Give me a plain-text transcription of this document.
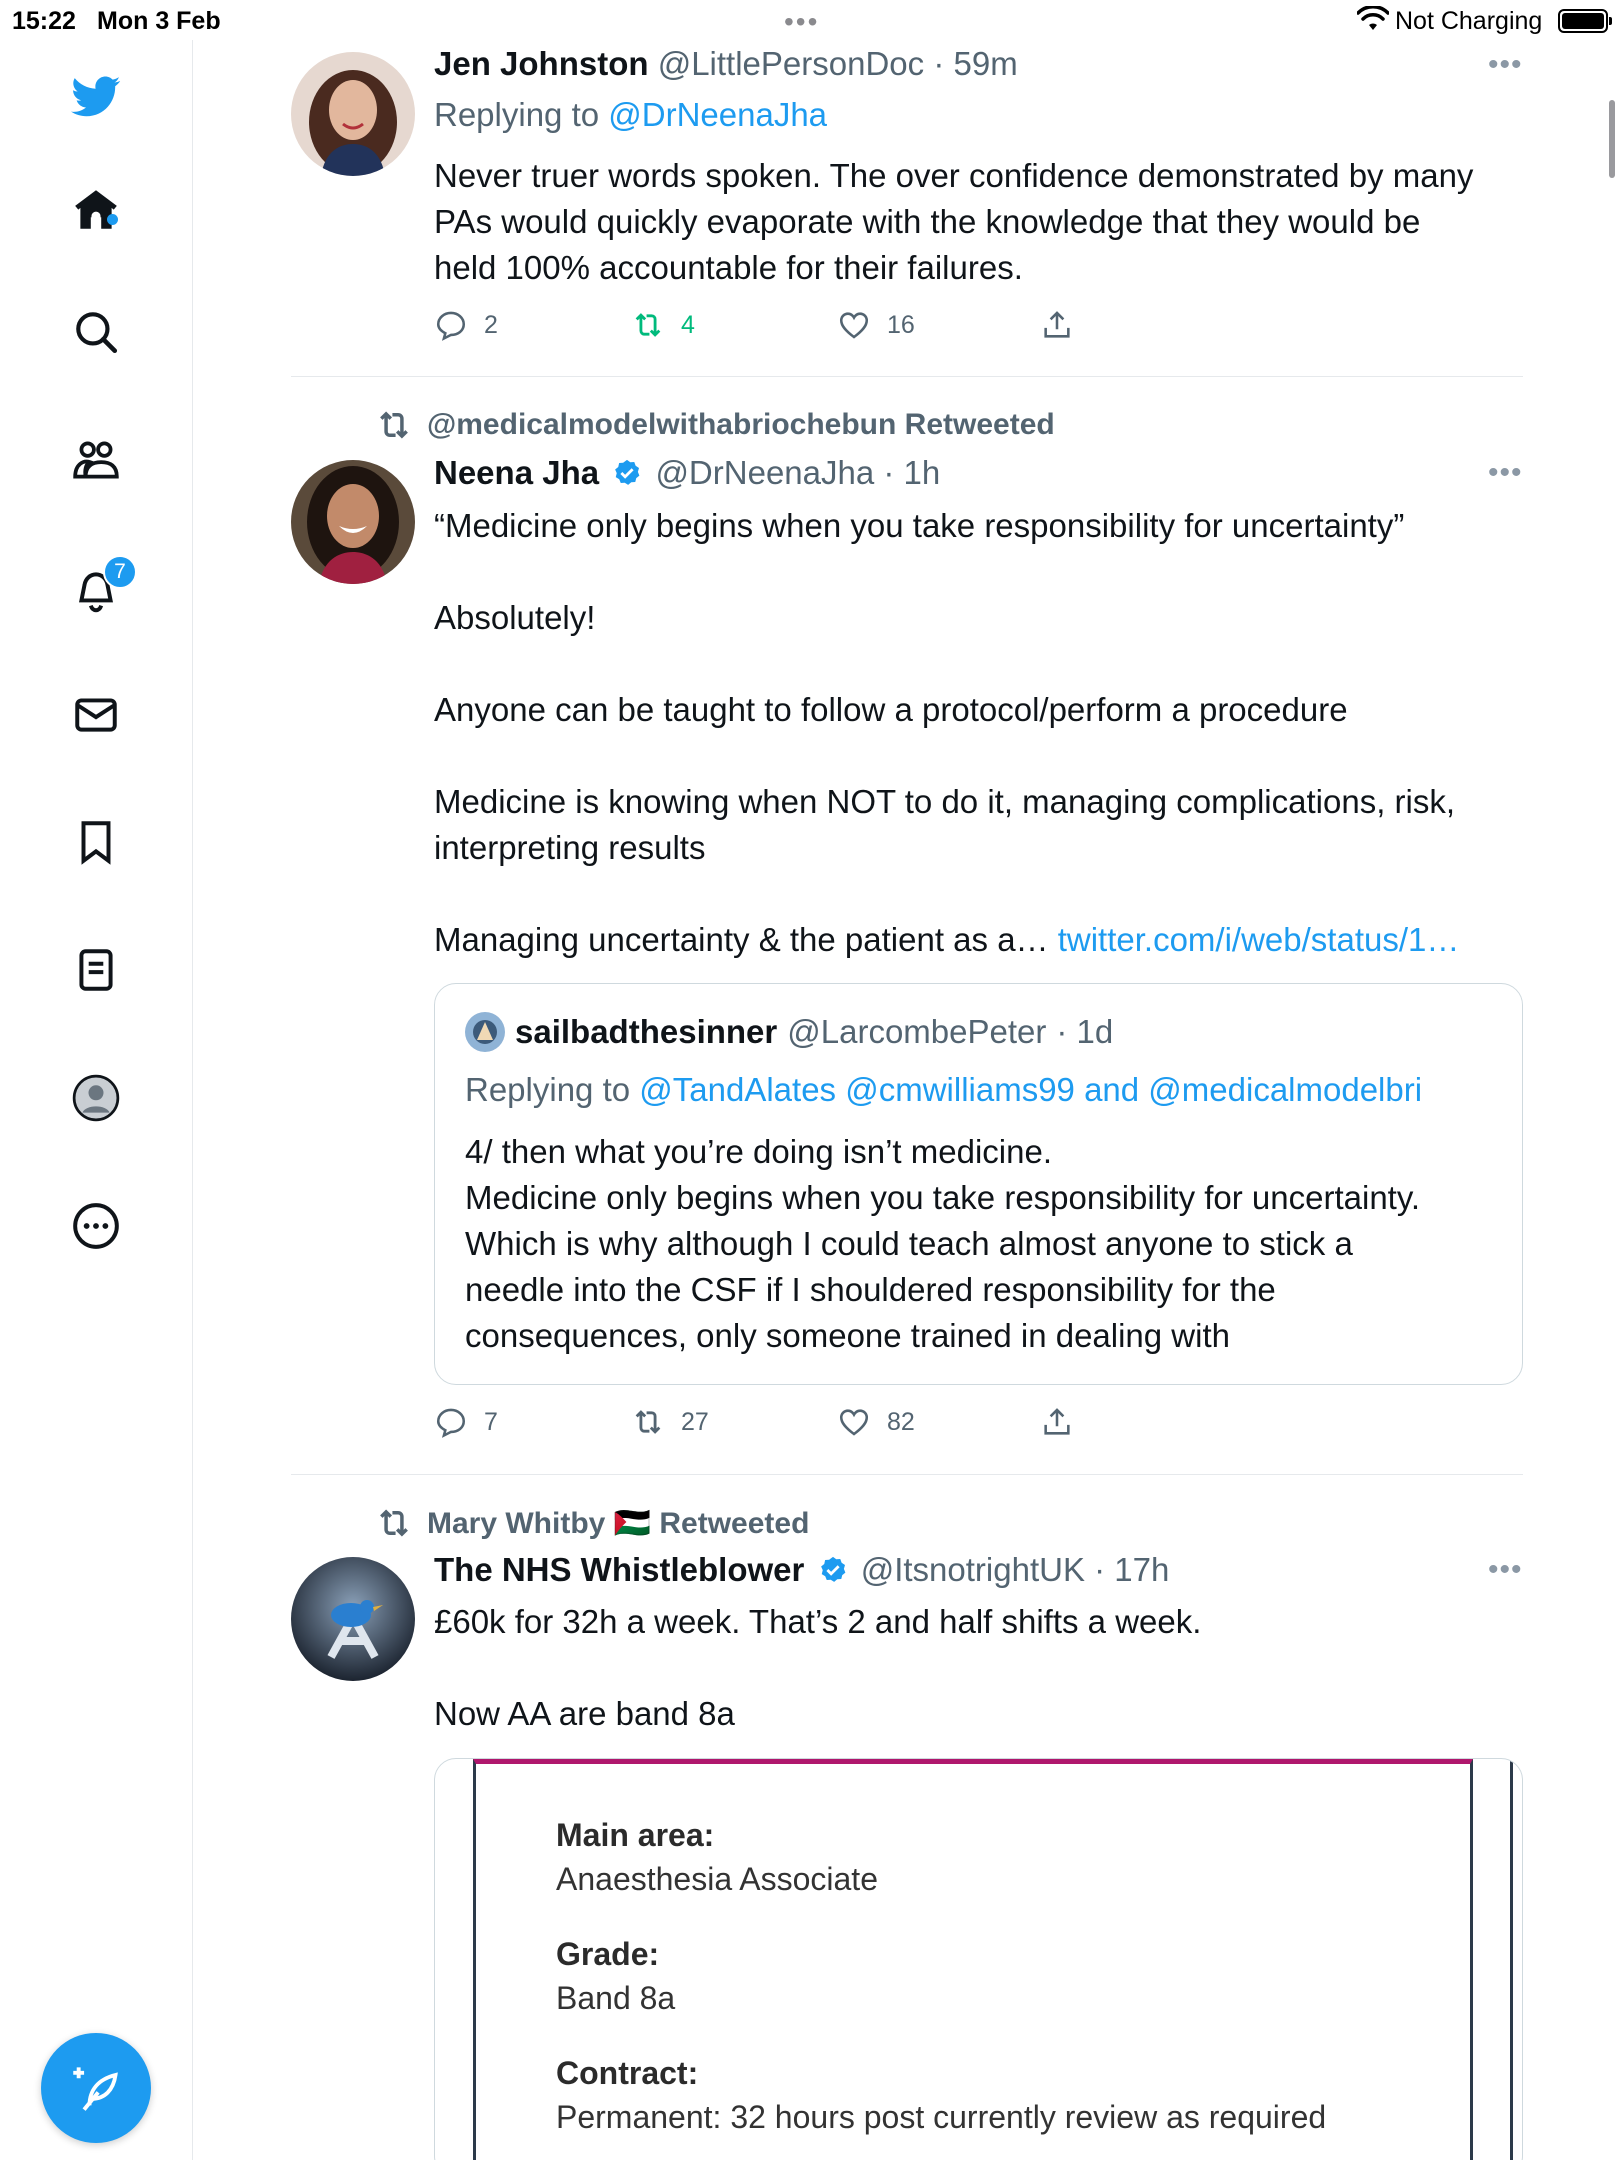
15:22 Mon 3 Feb	•••	Not Charging
7
Jen Johnston @LittlePersonDoc · 59m	•••
Replying to @DrNeenaJha
Never truer words spoken. The over confidence demonstrated by many
PAs would quickly evaporate with the knowledge that they would be
held 100% accountable for their failures.
2	4	16
@medicalmodelwithabriochebun Retweeted
Neena Jha @DrNeenaJha · 1h	•••
“Medicine only begins when you take responsibility for uncertainty”

Absolutely!

Anyone can be taught to follow a protocol/perform a procedure

Medicine is knowing when NOT to do it, managing complications, risk,
interpreting results

Managing uncertainty & the patient as a… twitter.com/i/web/status/1…
sailbadthesinner @LarcombePeter · 1d
Replying to @TandAlates @cmwilliams99 and @medicalmodelbri
4/ then what you’re doing isn’t medicine.
Medicine only begins when you take responsibility for uncertainty.
Which is why although I could teach almost anyone to stick a
needle into the CSF if I shouldered responsibility for the
consequences, only someone trained in dealing with
7	27	82
Mary Whitby 🇵🇸 Retweeted
The NHS Whistleblower @ItsnotrightUK · 17h	•••
£60k for 32h a week. That’s 2 and half shifts a week.

Now AA are band 8a
Main area:
Anaesthesia Associate
Grade:
Band 8a
Contract:
Permanent: 32 hours post currently review as required
